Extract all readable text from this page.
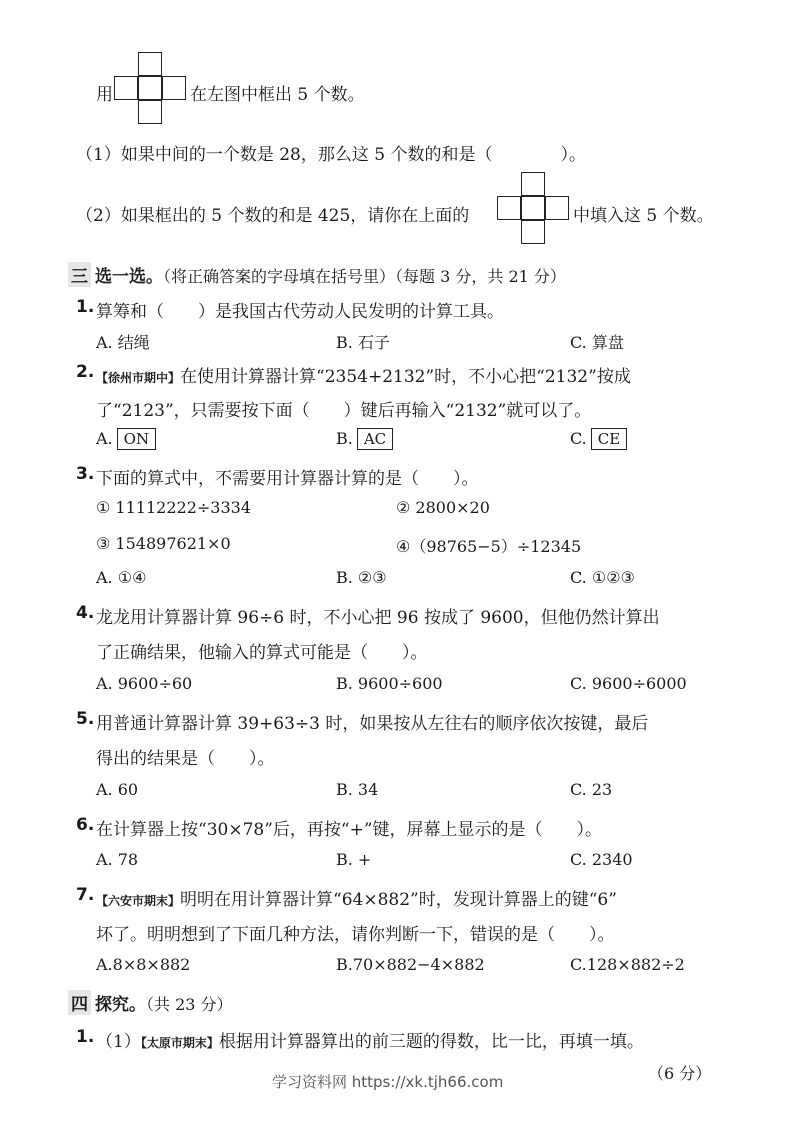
用	在左图中框出 5 个数。
（1）如果中间的一个数是 28，那么这 5 个数的和是（　　　　）。
（2）如果框出的 5 个数的和是 425，请你在上面的	中填入这 5 个数。
三 选一选。（将正确答案的字母填在括号里）（每题 3 分，共 21 分）
1. 算筹和（　　）是我国古代劳动人民发明的计算工具。
A. 结绳	B. 石子	C. 算盘
2. 【徐州市期中】在使用计算器计算“2354+2132”时，不小心把“2132”按成
了“2123”，只需要按下面（　　）键后再输入“2132”就可以了。
A. ON	B. AC	C. CE
3. 下面的算式中，不需要用计算器计算的是（　　）。
① 11112222÷3334	② 2800×20
③ 154897621×0	④（98765−5）÷12345
A. ①④	B. ②③	C. ①②③
4. 龙龙用计算器计算 96÷6 时，不小心把 96 按成了 9600，但他仍然计算出
了正确结果，他输入的算式可能是（　　）。
A. 9600÷60	B. 9600÷600	C. 9600÷6000
5. 用普通计算器计算 39+63÷3 时，如果按从左往右的顺序依次按键，最后
得出的结果是（　　）。
A. 60	B. 34	C. 23
6. 在计算器上按“30×78”后，再按“+”键，屏幕上显示的是（　　）。
A. 78	B. +	C. 2340
7. 【六安市期末】明明在用计算器计算“64×882”时，发现计算器上的键“6”
坏了。明明想到了下面几种方法，请你判断一下，错误的是（　　）。
A.8×8×882	B.70×882−4×882	C.128×882÷2
四 探究。（共 23 分）
1. （1）【太原市期末】根据用计算器算出的前三题的得数，比一比，再填一填。
（6 分）
学习资料网 https://xk.tjh66.com
